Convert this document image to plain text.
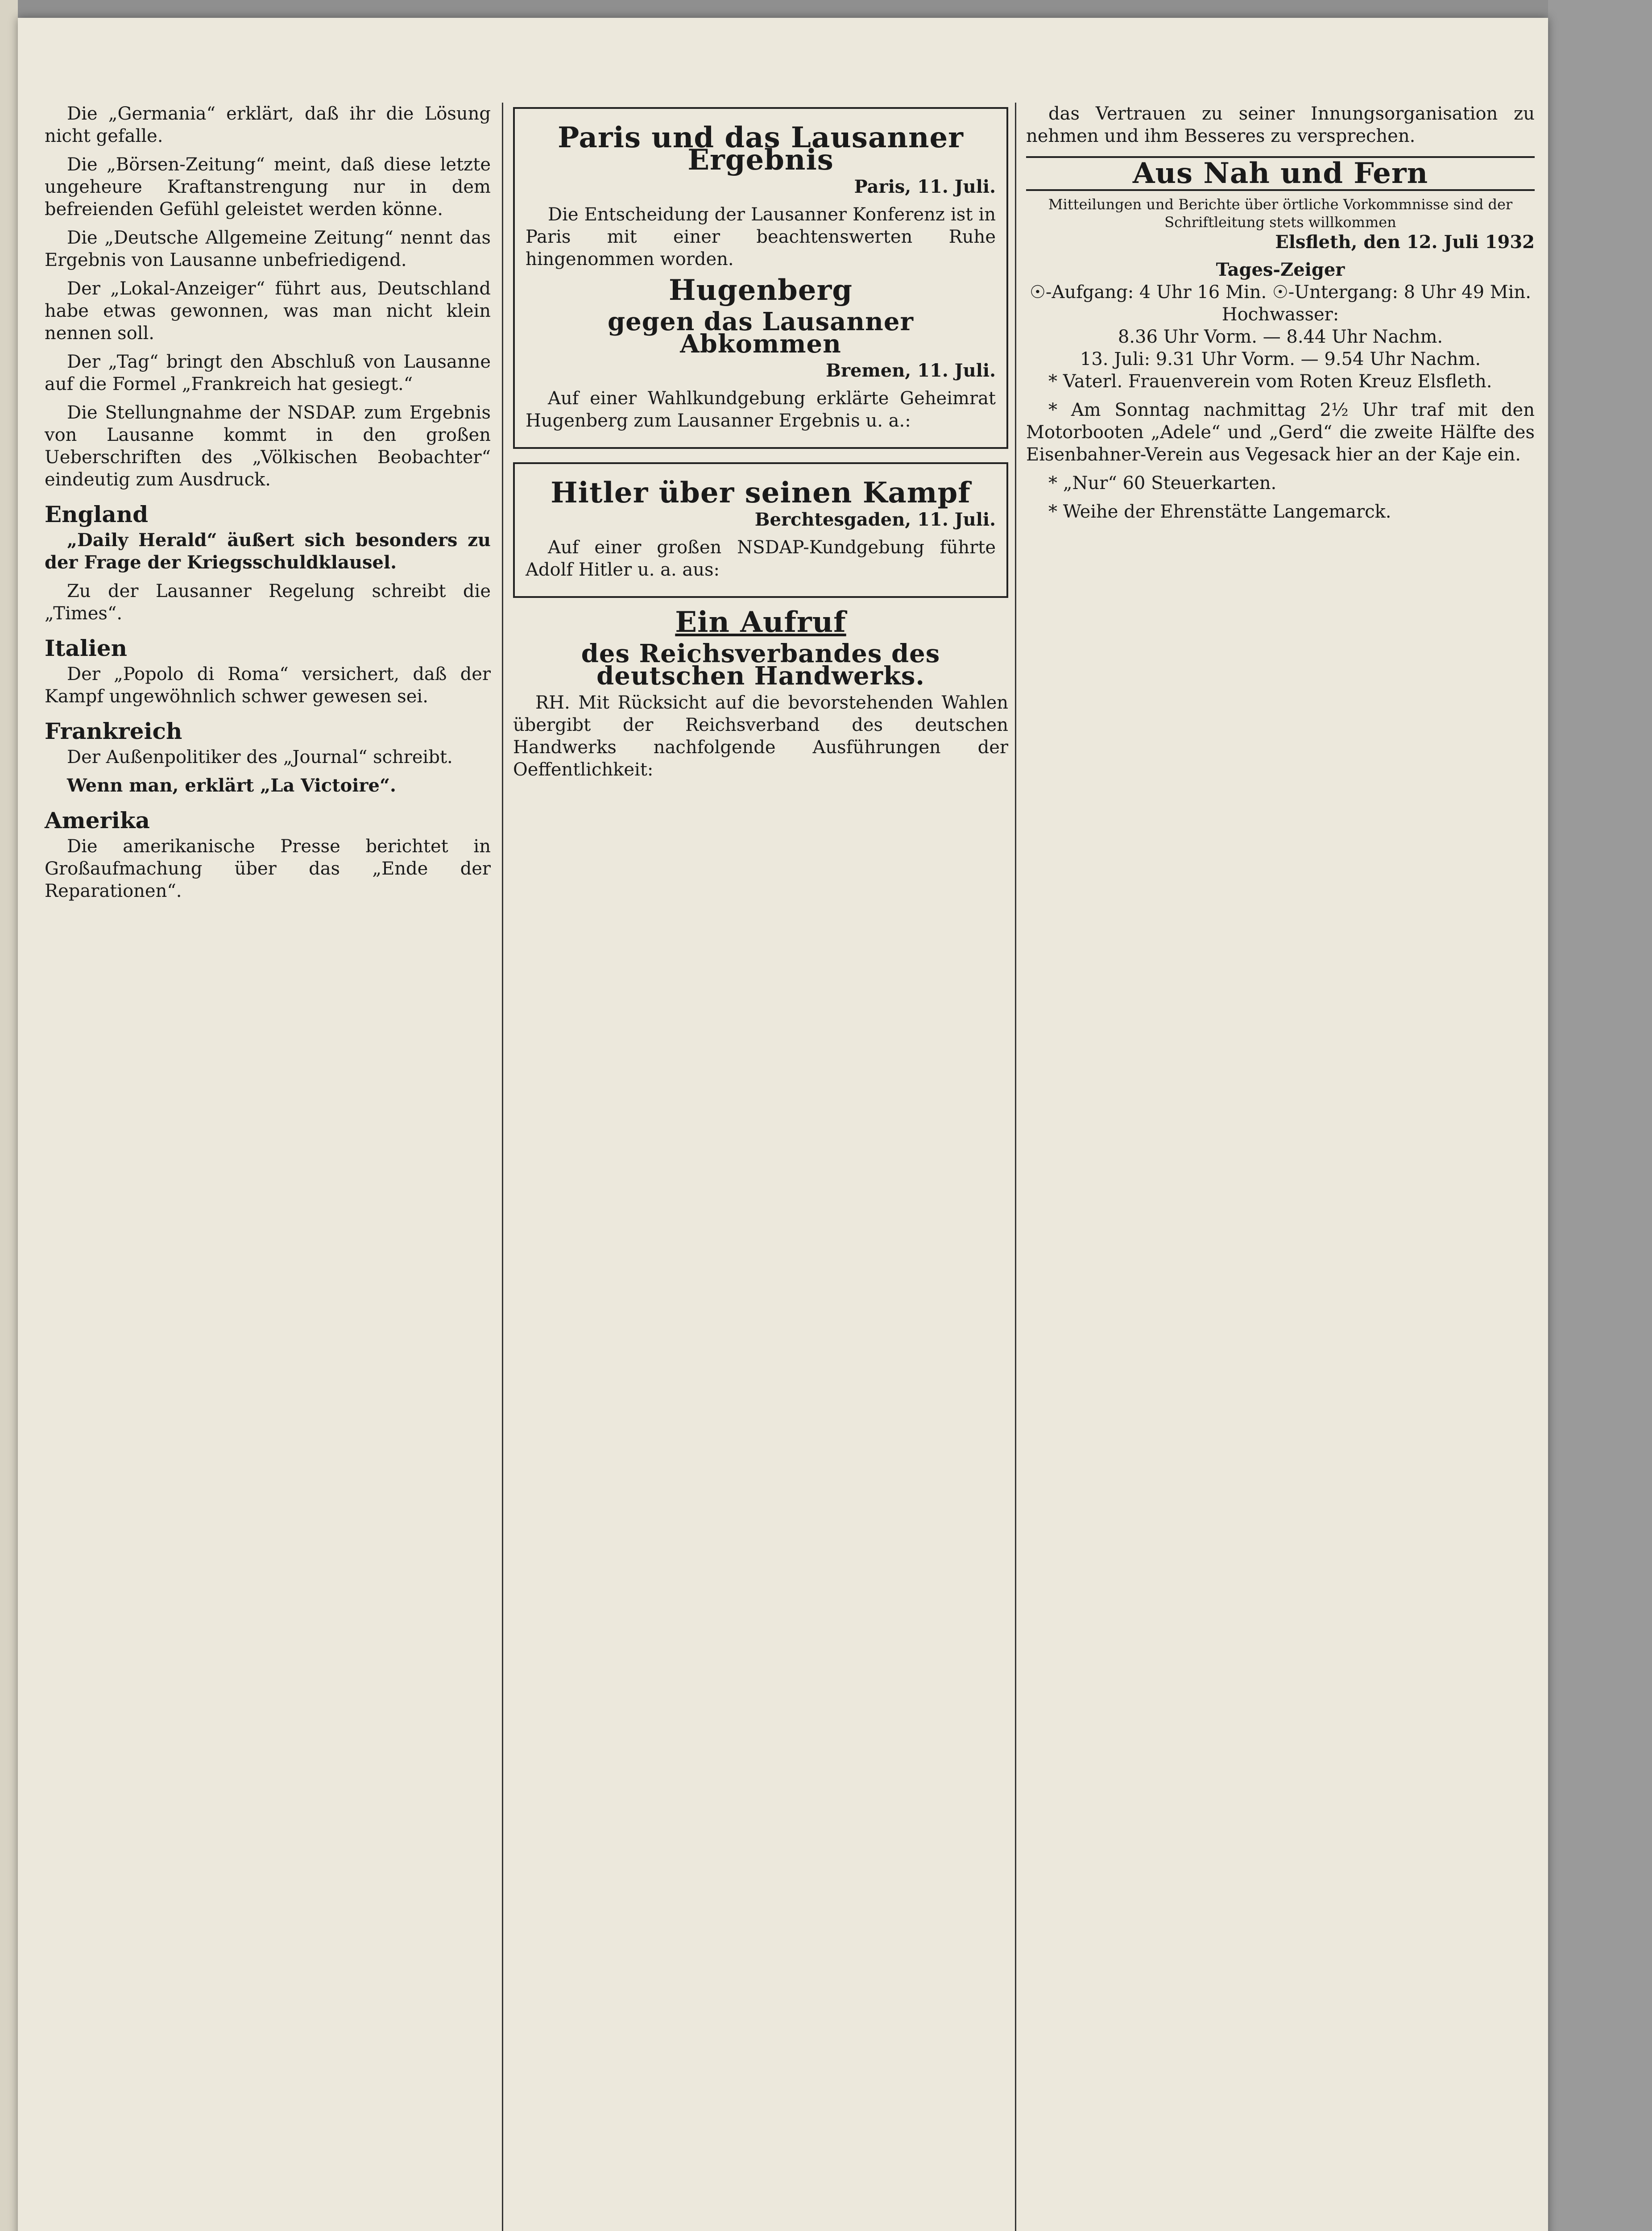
Die „Germania“ erklärt, daß ihr die Lösung nicht gefalle.

Die „Börsen-Zeitung“ meint, daß diese letzte ungeheure Kraftanstrengung nur in dem befreienden Gefühl geleistet werden könne.

Die „Deutsche Allgemeine Zeitung“ nennt das Ergebnis von Lausanne unbefriedigend.

Der „Lokal-Anzeiger“ führt aus, Deutschland habe etwas gewonnen, was man nicht klein nennen soll.

Der „Tag“ bringt den Abschluß von Lausanne auf die Formel „Frankreich hat gesiegt.“

Die Stellungnahme der NSDAP. zum Ergebnis von Lausanne kommt in den großen Ueberschriften des „Völkischen Beobachter“ eindeutig zum Ausdruck.

England

„Daily Herald“ äußert sich besonders zu der Frage der Kriegsschuldklausel.

Zu der Lausanner Regelung schreibt die „Times“.

Italien

Der „Popolo di Roma“ versichert, daß der Kampf ungewöhnlich schwer gewesen sei.

Frankreich

Der Außenpolitiker des „Journal“ schreibt.

Wenn man, erklärt „La Victoire“.

Amerika

Die amerikanische Presse berichtet in Großaufmachung über das „Ende der Reparationen“.

Paris und das Lausanner Ergebnis
Paris, 11. Juli.

Die Entscheidung der Lausanner Konferenz ist in Paris mit einer beachtenswerten Ruhe hingenommen worden.

Hugenberg
gegen das Lausanner Abkommen
Bremen, 11. Juli.

Auf einer Wahlkundgebung erklärte Geheimrat Hugenberg zum Lausanner Ergebnis u. a.:

Hitler über seinen Kampf
Berchtesgaden, 11. Juli.

Auf einer großen NSDAP-Kundgebung führte Adolf Hitler u. a. aus:

Ein Aufruf
des Reichsverbandes des deutschen Handwerks.

RH. Mit Rücksicht auf die bevorstehenden Wahlen übergibt der Reichsverband des deutschen Handwerks nachfolgende Ausführungen der Oeffentlichkeit:

das Vertrauen zu seiner Innungsorganisation zu nehmen und ihm Besseres zu versprechen.

Aus Nah und Fern
Mitteilungen und Berichte über örtliche Vorkommnisse sind der Schriftleitung stets willkommen
Elsfleth, den 12. Juli 1932
Tages-Zeiger
☉-Aufgang: 4 Uhr 16 Min. ☉-Untergang: 8 Uhr 49 Min.
Hochwasser:
8.36 Uhr Vorm. — 8.44 Uhr Nachm.
13. Juli: 9.31 Uhr Vorm. — 9.54 Uhr Nachm.

* Vaterl. Frauenverein vom Roten Kreuz Elsfleth.

* Am Sonntag nachmittag 2½ Uhr traf mit den Motorbooten „Adele“ und „Gerd“ die zweite Hälfte des Eisenbahner-Verein aus Vegesack hier an der Kaje ein.

* „Nur“ 60 Steuerkarten.

* Weihe der Ehrenstätte Langemarck.
